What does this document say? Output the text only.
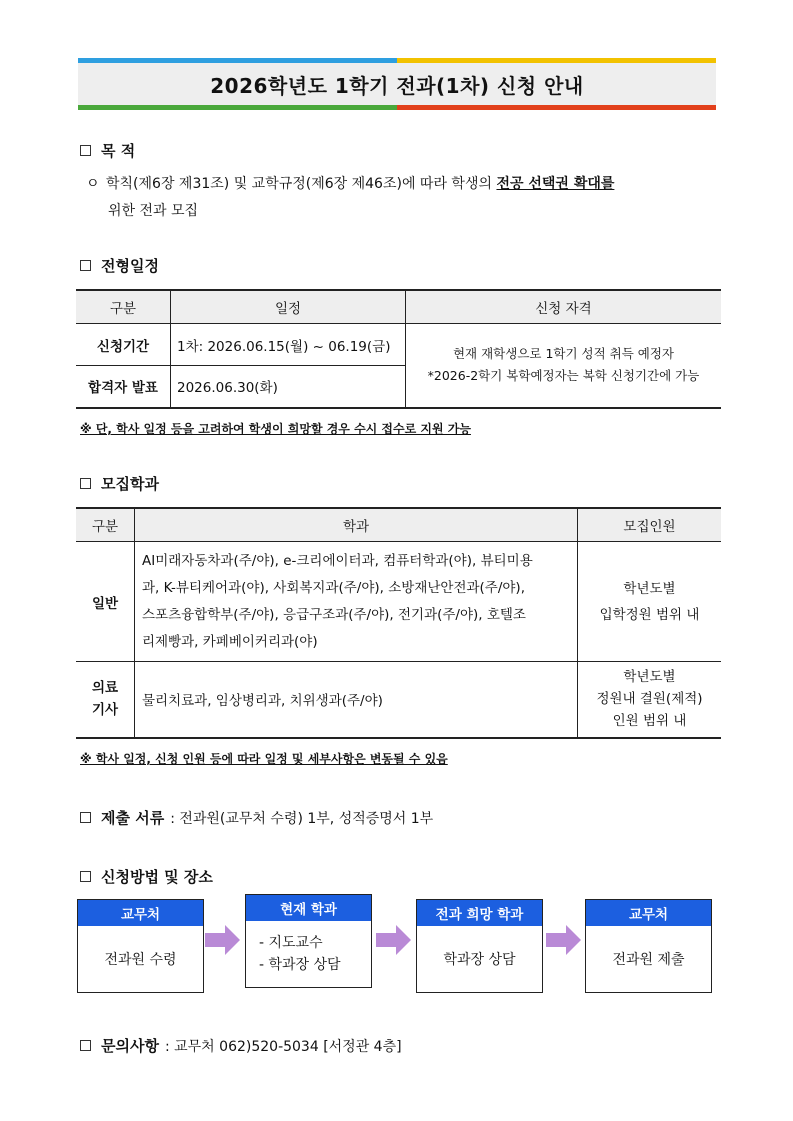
2026학년도 1학기 전과(1차) 신청 안내
목 적
ㅇ 학칙(제6장 제31조) 및 교학규정(제6장 제46조)에 따라 학생의 전공 선택권 확대를
위한 전과 모집
전형일정
구분	일정	신청 자격
신청기간	1차: 2026.06.15(월) ~ 06.19(금)	현재 재학생으로 1학기 성적 취득 예정자
*2026-2학기 복학예정자는 복학 신청기간에 가능
합격자 발표	2026.06.30(화)	
※ 단, 학사 일정 등을 고려하여 학생이 희망할 경우 수시 접수로 지원 가능
모집학과
구분	학과	모집인원
일반	AI미래자동차과(주/야), e-크리에이터과, 컴퓨터학과(야), 뷰티미용
과, K-뷰티케어과(야), 사회복지과(주/야), 소방재난안전과(주/야),
스포츠융합학부(주/야), 응급구조과(주/야), 전기과(주/야), 호텔조
리제빵과, 카페베이커리과(야)	학년도별
입학정원 범위 내
의료
기사	물리치료과, 임상병리과, 치위생과(주/야)	학년도별
정원내 결원(제적)
인원 범위 내
※ 학사 일정, 신청 인원 등에 따라 일정 및 세부사항은 변동될 수 있음
제출 서류 : 전과원(교무처 수령) 1부, 성적증명서 1부
신청방법 및 장소
교무처
전과원 수령
현재 학과
- 지도교수
- 학과장 상담
전과 희망 학과
학과장 상담
교무처
전과원 제출
문의사항 : 교무처 062)520-5034 [서정관 4층]
